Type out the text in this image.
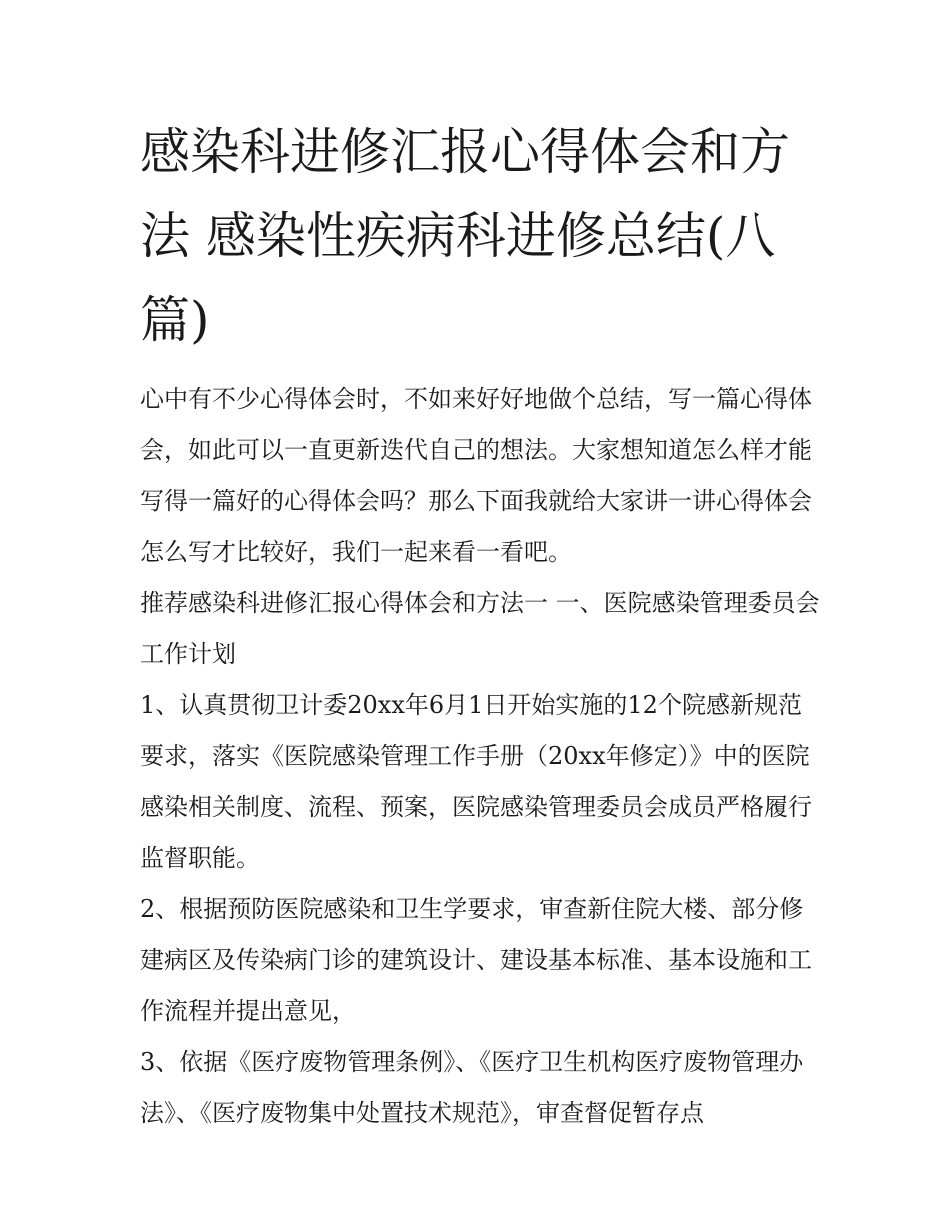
感染科进修汇报心得体会和方法 感染性疾病科进修总结(八篇)

心中有不少心得体会时，不如来好好地做个总结，写一篇心得体会，如此可以一直更新迭代自己的想法。大家想知道怎么样才能写得一篇好的心得体会吗？那么下面我就给大家讲一讲心得体会怎么写才比较好，我们一起来看一看吧。

推荐感染科进修汇报心得体会和方法一 一、医院感染管理委员会工作计划

1、认真贯彻卫计委20xx年6月1日开始实施的12个院感新规范要求，落实《医院感染管理工作手册（20xx年修定）》中的医院感染相关制度、流程、预案，医院感染管理委员会成员严格履行监督职能。

2、根据预防医院感染和卫生学要求，审查新住院大楼、部分修建病区及传染病门诊的建筑设计、建设基本标准、基本设施和工作流程并提出意见，

3、依据《医疗废物管理条例》、《医疗卫生机构医疗废物管理办法》、《医疗废物集中处置技术规范》，审查督促暂存点
